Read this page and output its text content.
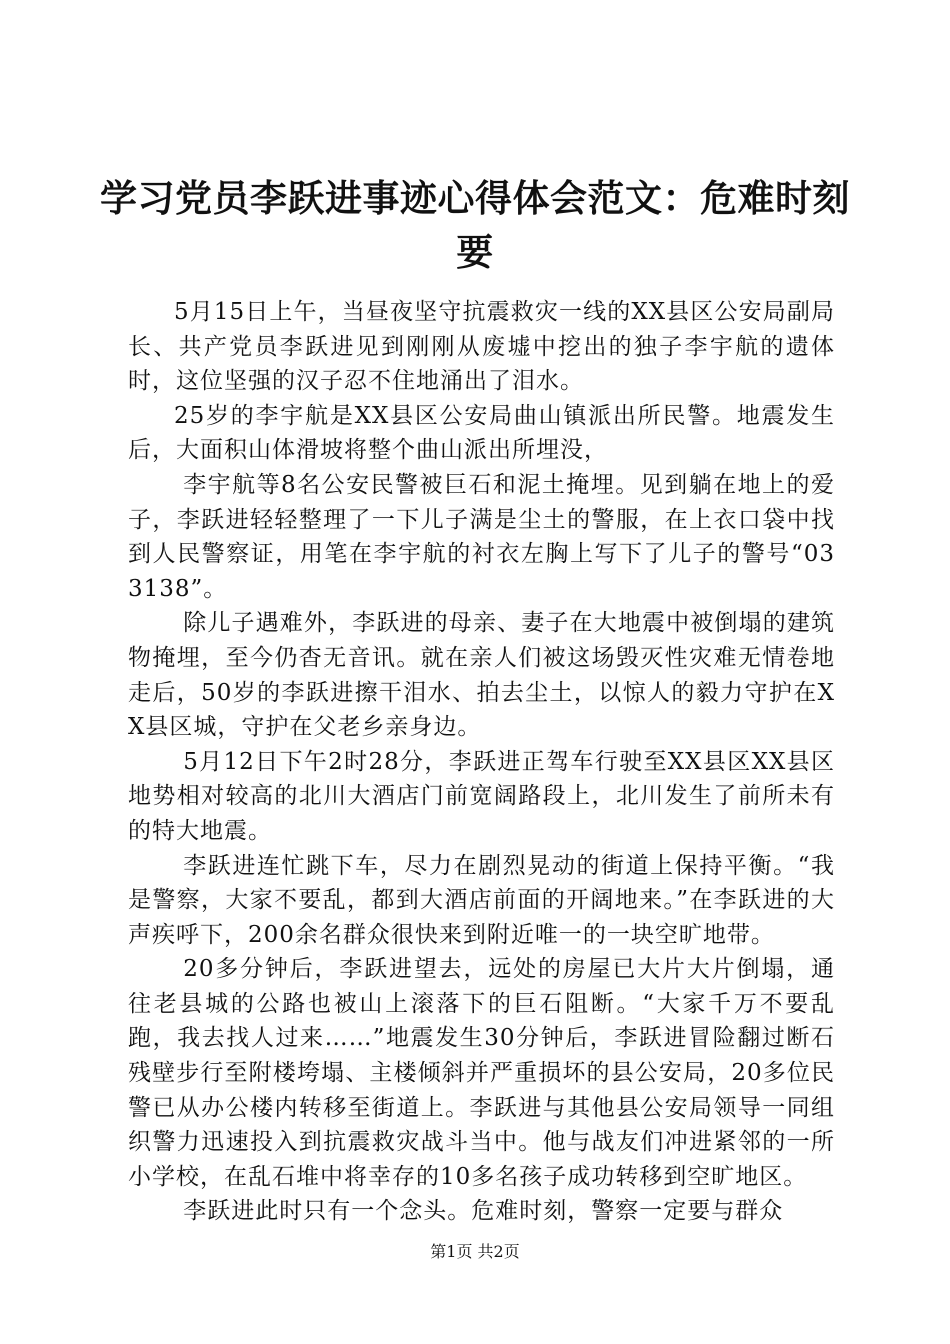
学习党员李跃进事迹心得体会范文：危难时刻要

5月15日上午，当昼夜坚守抗震救灾一线的XX县区公安局副局长、共产党员李跃进见到刚刚从废墟中挖出的独子李宇航的遗体时，这位坚强的汉子忍不住地涌出了泪水。

25岁的李宇航是XX县区公安局曲山镇派出所民警。地震发生后，大面积山体滑坡将整个曲山派出所埋没，

李宇航等8名公安民警被巨石和泥土掩埋。见到躺在地上的爱子，李跃进轻轻整理了一下儿子满是尘土的警服，在上衣口袋中找到人民警察证，用笔在李宇航的衬衣左胸上写下了儿子的警号“033138”。

除儿子遇难外，李跃进的母亲、妻子在大地震中被倒塌的建筑物掩埋，至今仍杳无音讯。就在亲人们被这场毁灭性灾难无情卷地走后，50岁的李跃进擦干泪水、拍去尘土，以惊人的毅力守护在XX县区城，守护在父老乡亲身边。

5月12日下午2时28分，李跃进正驾车行驶至XX县区XX县区地势相对较高的北川大酒店门前宽阔路段上，北川发生了前所未有的特大地震。

李跃进连忙跳下车，尽力在剧烈晃动的街道上保持平衡。“我是警察，大家不要乱，都到大酒店前面的开阔地来。”在李跃进的大声疾呼下，200余名群众很快来到附近唯一的一块空旷地带。

20多分钟后，李跃进望去，远处的房屋已大片大片倒塌，通往老县城的公路也被山上滚落下的巨石阻断。“大家千万不要乱跑，我去找人过来……”地震发生30分钟后，李跃进冒险翻过断石残壁步行至附楼垮塌、主楼倾斜并严重损坏的县公安局，20多位民警已从办公楼内转移至街道上。李跃进与其他县公安局领导一同组织警力迅速投入到抗震救灾战斗当中。他与战友们冲进紧邻的一所小学校，在乱石堆中将幸存的10多名孩子成功转移到空旷地区。

李跃进此时只有一个念头。危难时刻，警察一定要与群众

第1页 共2页
